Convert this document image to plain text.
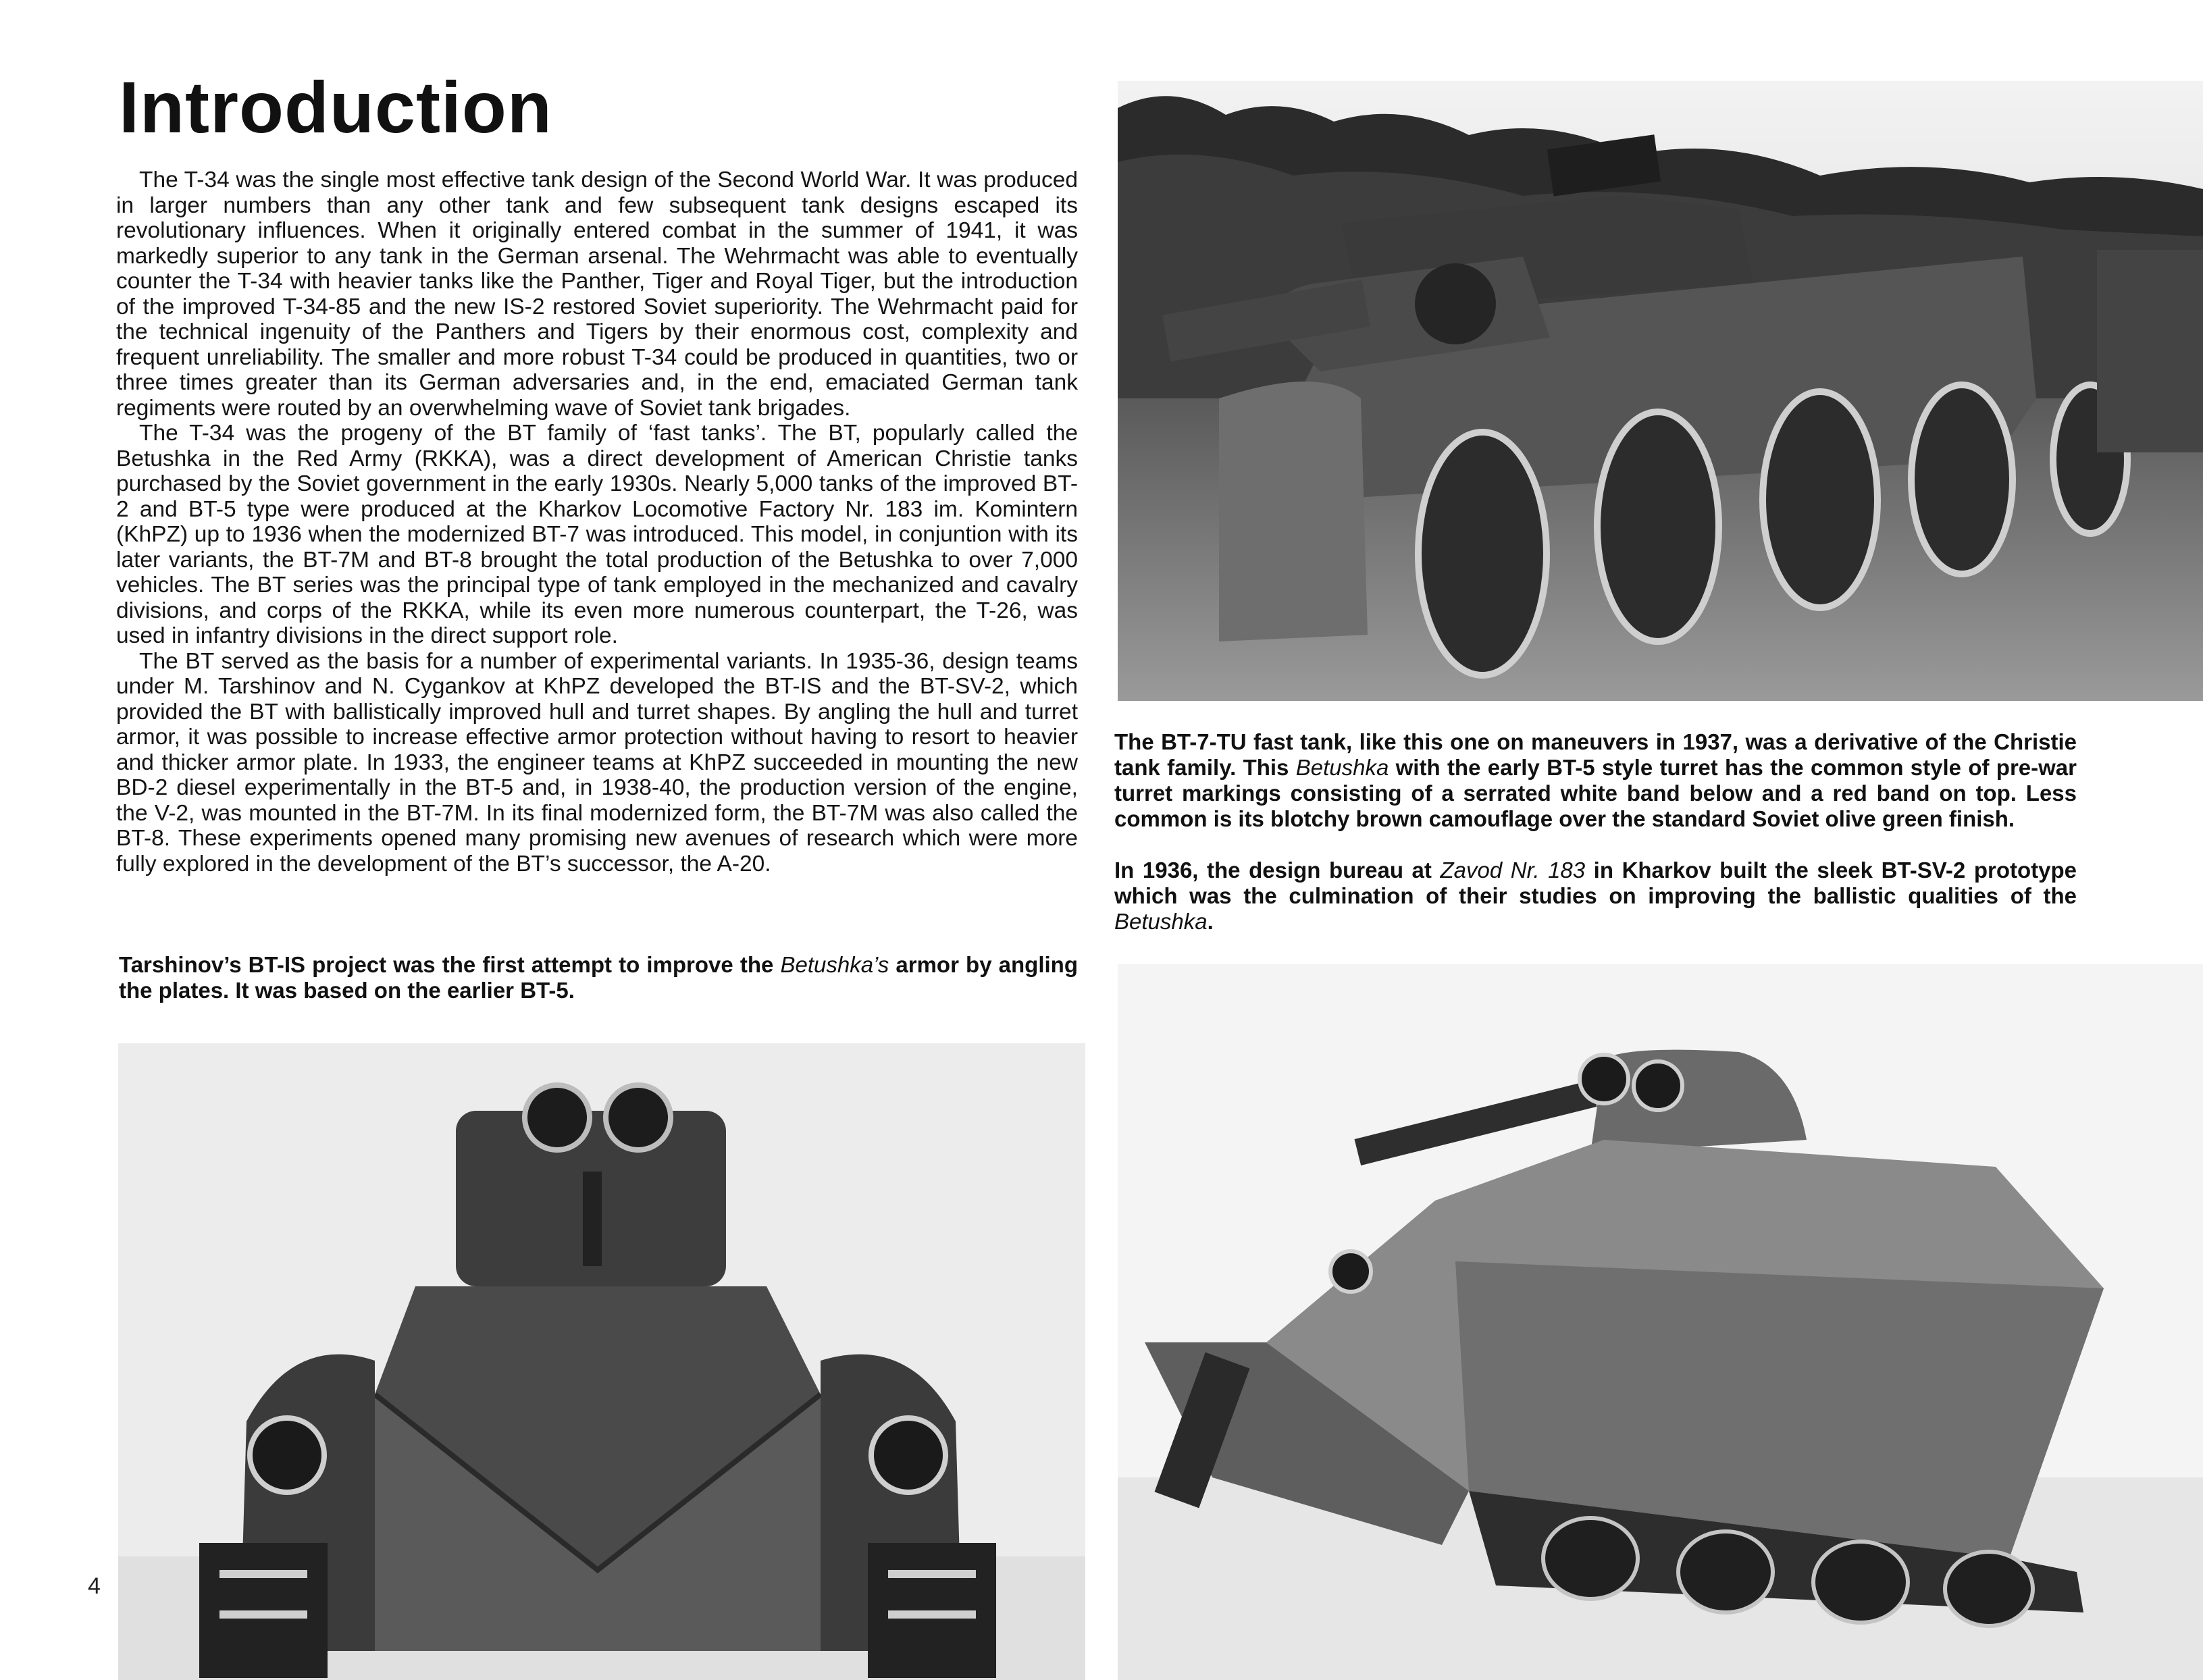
Introduction

The T-34 was the single most effective tank design of the Second World War. It was produced in larger numbers than any other tank and few subsequent tank designs escaped its revolutionary influences. When it originally entered combat in the summer of 1941, it was markedly superior to any tank in the German arsenal. The Wehrmacht was able to eventually counter the T-34 with heavier tanks like the Panther, Tiger and Royal Tiger, but the introduction of the improved T-34-85 and the new IS-2 restored Soviet superiority. The Wehrmacht paid for the technical ingenuity of the Panthers and Tigers by their enormous cost, complexity and frequent unreliability. The smaller and more robust T-34 could be produced in quantities, two or three times greater than its German adversaries and, in the end, emaciated German tank regiments were routed by an overwhelming wave of Soviet tank brigades.

The T-34 was the progeny of the BT family of ‘fast tanks’. The BT, popularly called the Betushka in the Red Army (RKKA), was a direct development of American Christie tanks purchased by the Soviet government in the early 1930s. Nearly 5,000 tanks of the improved BT-2 and BT-5 type were produced at the Kharkov Locomotive Factory Nr. 183 im. Komintern (KhPZ) up to 1936 when the modernized BT-7 was introduced. This model, in conjuntion with its later variants, the BT-7M and BT-8 brought the total production of the Betushka to over 7,000 vehicles. The BT series was the principal type of tank employed in the mechanized and cavalry divisions, and corps of the RKKA, while its even more numerous counterpart, the T-26, was used in infantry divisions in the direct support role.

The BT served as the basis for a number of experimental variants. In 1935-36, design teams under M. Tarshinov and N. Cygankov at KhPZ developed the BT-IS and the BT-SV-2, which provided the BT with ballistically improved hull and turret shapes. By angling the hull and turret armor, it was possible to increase effective armor protection without having to resort to heavier and thicker armor plate. In 1933, the engineer teams at KhPZ succeeded in mounting the new BD-2 diesel experimentally in the BT-5 and, in 1938-40, the production version of the engine, the V-2, was mounted in the BT-7M. In its final modernized form, the BT-7M was also called the BT-8. These experiments opened many promising new avenues of research which were more fully explored in the development of the BT’s successor, the A-20.

Tarshinov’s BT-IS project was the first attempt to improve the Betushka’s armor by angling the plates. It was based on the earlier BT-5.

The BT-7-TU fast tank, like this one on maneuvers in 1937, was a derivative of the Christie tank family. This Betushka with the early BT-5 style turret has the common style of pre-war turret markings consisting of a serrated white band below and a red band on top. Less common is its blotchy brown camouflage over the standard Soviet olive green finish.

In 1936, the design bureau at Zavod Nr. 183 in Kharkov built the sleek BT-SV-2 prototype which was the culmination of their studies on improving the ballistic qualities of the Betushka.

4
